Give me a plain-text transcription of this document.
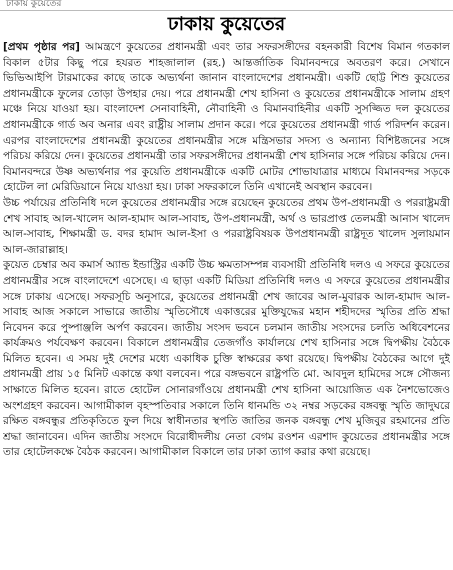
ঢাকায় কুয়েতের
ঢাকায় কুয়েতের

[প্রথম পৃষ্ঠার পর] আমন্ত্রণে কুয়েতের প্রধানমন্ত্রী এবং তার সফরসঙ্গীদের বহনকারী বিশেষ বিমান গতকাল বিকাল ৫টার কিছু পরে হযরত শাহজালাল (রহ.) আন্তর্জাতিক বিমানবন্দরে অবতরণ করে। সেখানে ভিভিআইপি টারমাকের কাছে তাকে অভ্যর্থনা জানান বাংলাদেশের প্রধানমন্ত্রী। একটি ছোট্ট শিশু কুয়েতের প্রধানমন্ত্রীকে ফুলের তোড়া উপহার দেয়। পরে প্রধানমন্ত্রী শেখ হাসিনা ও কুয়েতের প্রধানমন্ত্রীকে সালাম গ্রহণ মঞ্চে নিয়ে যাওয়া হয়। বাংলাদেশ সেনাবাহিনী, নৌবাহিনী ও বিমানবাহিনীর একটি সুসজ্জিত দল কুয়েতের প্রধানমন্ত্রীকে গার্ড অব অনার এবং রাষ্ট্রীয় সালাম প্রদান করে। পরে কুয়েতের প্রধানমন্ত্রী গার্ড পরিদর্শন করেন। এরপর বাংলাদেশের প্রধানমন্ত্রী কুয়েতের প্রধানমন্ত্রীর সঙ্গে মন্ত্রিসভার সদস্য ও অন্যান্য বিশিষ্টজনের সঙ্গে পরিচয় করিয়ে দেন। কুয়েতের প্রধানমন্ত্রী তার সফরসঙ্গীদের প্রধানমন্ত্রী শেখ হাসিনার সঙ্গে পরিচয় করিয়ে দেন। বিমানবন্দরে উষ্ণ অভ্যর্থনার পর কুয়েতি প্রধানমন্ত্রীকে একটি মোটর শোভাযাত্রার মাধ্যমে বিমানবন্দর সড়কে হোটেল লা মেরিডিয়ানে নিয়ে যাওয়া হয়। ঢাকা সফরকালে তিনি এখানেই অবস্থান করবেন।

উচ্চ পর্যায়ের প্রতিনিধি দলে কুয়েতের প্রধানমন্ত্রীর সঙ্গে রয়েছেন কুয়েতের প্রথম উপ-প্রধানমন্ত্রী ও পররাষ্ট্রমন্ত্রী শেখ সাবাহ আল-খালেদ আল-হামাদ আল-সাবাহ, উপ-প্রধানমন্ত্রী, অর্থ ও ভারপ্রাপ্ত তেলমন্ত্রী আনাস খালেদ আল-সাবাহ, শিক্ষামন্ত্রী ড. বদর হামাদ আল-ইসা ও পররাষ্ট্রবিষয়ক উপপ্রধানমন্ত্রী রাষ্ট্রদূত খালেদ সুলায়মান আল-জারাল্লাহ।

কুয়েত চেম্বার অব কমার্স অ্যান্ড ইন্ডাস্ট্রির একটি উচ্চ ক্ষমতাসম্পন্ন ব্যবসায়ী প্রতিনিধি দলও এ সফরে কুয়েতের প্রধানমন্ত্রীর সঙ্গে বাংলাদেশে এসেছে। এ ছাড়া একটি মিডিয়া প্রতিনিধি দলও এ সফরে কুয়েতের প্রধানমন্ত্রীর সঙ্গে ঢাকায় এসেছে। সফরসূচি অনুসারে, কুয়েতের প্রধানমন্ত্রী শেখ জাবের আল-মুবারক আল-হামাদ আল-সাবাহ আজ সকালে সাভারে জাতীয় স্মৃতিসৌধে একাত্তরের মুক্তিযুদ্ধের মহান শহীদদের স্মৃতির প্রতি শ্রদ্ধা নিবেদন করে পুষ্পাঞ্জলি অর্পণ করবেন। জাতীয় সংসদ ভবনে চলমান জাতীয় সংসদের চলতি অধিবেশনের কার্যক্রমও পর্যবেক্ষণ করবেন। বিকালে প্রধানমন্ত্রীর তেজগাঁও কার্যালয়ে শেখ হাসিনার সঙ্গে দ্বিপক্ষীয় বৈঠকে মিলিত হবেন। এ সময় দুই দেশের মধ্যে একাধিক চুক্তি স্বাক্ষরের কথা রয়েছে। দ্বিপক্ষীয় বৈঠকের আগে দুই প্রধানমন্ত্রী প্রায় ১৫ মিনিট একান্তে কথা বলবেন। পরে বঙ্গভবনে রাষ্ট্রপতি মো. আবদুল হামিদের সঙ্গে সৌজন্য সাক্ষাতে মিলিত হবেন। রাতে হোটেল সোনারগাঁওয়ে প্রধানমন্ত্রী শেখ হাসিনা আয়োজিত এক নৈশভোজেও অংশগ্রহণ করবেন। আগামীকাল বৃহস্পতিবার সকালে তিনি ধানমন্ডি ৩২ নম্বর সড়কের বঙ্গবন্ধু স্মৃতি জাদুঘরে রক্ষিত বঙ্গবন্ধুর প্রতিকৃতিতে ফুল দিয়ে স্বাধীনতার স্থপতি জাতির জনক বঙ্গবন্ধু শেখ মুজিবুর রহমানের প্রতি শ্রদ্ধা জানাবেন। এদিন জাতীয় সংসদে বিরোধীদলীয় নেতা বেগম রওশন এরশাদ কুয়েতের প্রধানমন্ত্রীর সঙ্গে তার হোটেলকক্ষে বৈঠক করবেন। আগামীকাল বিকালে তার ঢাকা ত্যাগ করার কথা রয়েছে।
